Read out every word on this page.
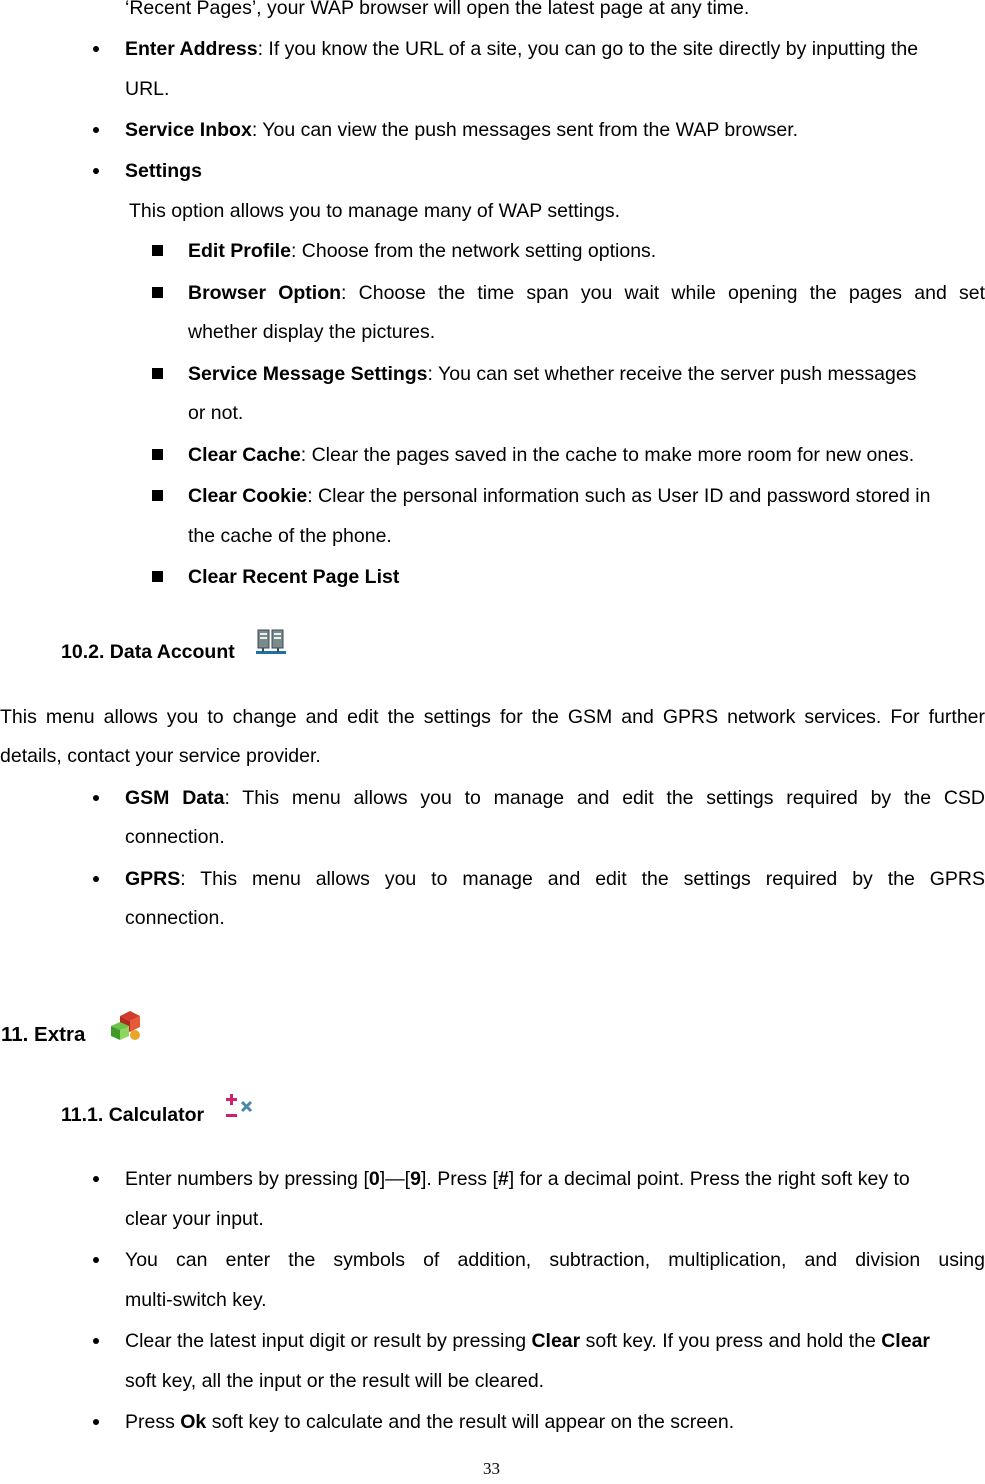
‘Recent Pages’, your WAP browser will open the latest page at any time.
Enter Address: If you know the URL of a site, you can go to the site directly by inputting the
URL.
Service Inbox: You can view the push messages sent from the WAP browser.
Settings
This option allows you to manage many of WAP settings.
Edit Profile: Choose from the network setting options.
Browser Option: Choose the time span you wait while opening the pages and set
whether display the pictures.
Service Message Settings: You can set whether receive the server push messages
or not.
Clear Cache: Clear the pages saved in the cache to make more room for new ones.
Clear Cookie: Clear the personal information such as User ID and password stored in
the cache of the phone.
Clear Recent Page List
10.2. Data Account
This menu allows you to change and edit the settings for the GSM and GPRS network services. For further
details, contact your service provider.
GSM Data: This menu allows you to manage and edit the settings required by the CSD
connection.
GPRS: This menu allows you to manage and edit the settings required by the GPRS
connection.
11. Extra
11.1. Calculator
Enter numbers by pressing [0]—[9]. Press [#] for a decimal point. Press the right soft key to
clear your input.
You can enter the symbols of addition, subtraction, multiplication, and division using
multi-switch key.
Clear the latest input digit or result by pressing Clear soft key. If you press and hold the Clear
soft key, all the input or the result will be cleared.
Press Ok soft key to calculate and the result will appear on the screen.
33
